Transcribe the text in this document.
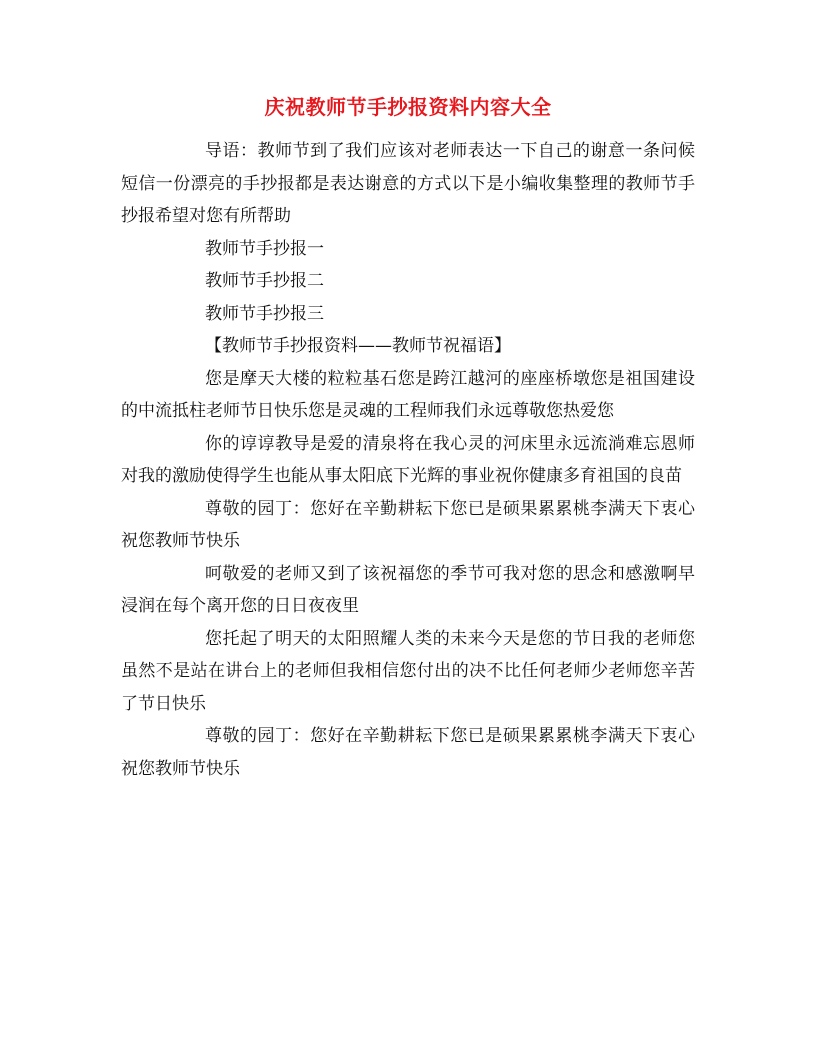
庆祝教师节手抄报资料内容大全

导语：教师节到了我们应该对老师表达一下自己的谢意一条问候短信一份漂亮的手抄报都是表达谢意的方式以下是小编收集整理的教师节手抄报希望对您有所帮助

教师节手抄报一

教师节手抄报二

教师节手抄报三

【教师节手抄报资料——教师节祝福语】

您是摩天大楼的粒粒基石您是跨江越河的座座桥墩您是祖国建设的中流抵柱老师节日快乐您是灵魂的工程师我们永远尊敬您热爱您

你的谆谆教导是爱的清泉将在我心灵的河床里永远流淌难忘恩师对我的激励使得学生也能从事太阳底下光辉的事业祝你健康多育祖国的良苗

尊敬的园丁：您好在辛勤耕耘下您已是硕果累累桃李满天下衷心祝您教师节快乐

呵敬爱的老师又到了该祝福您的季节可我对您的思念和感激啊早浸润在每个离开您的日日夜夜里

您托起了明天的太阳照耀人类的未来今天是您的节日我的老师您虽然不是站在讲台上的老师但我相信您付出的决不比任何老师少老师您辛苦了节日快乐

尊敬的园丁：您好在辛勤耕耘下您已是硕果累累桃李满天下衷心祝您教师节快乐
